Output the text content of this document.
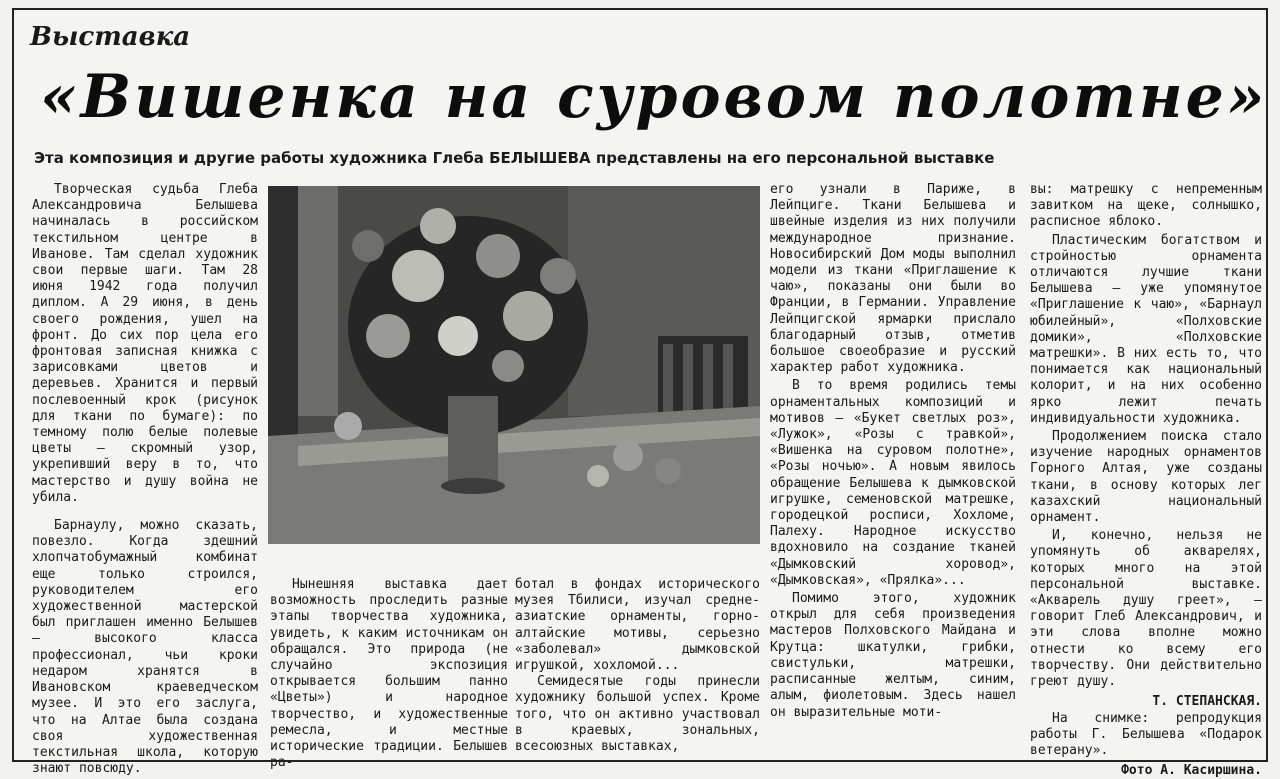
Выставка
«Вишенка на суровом полотне»
Эта композиция и другие работы художника Глеба БЕЛЫШЕВА представлены на его персональной выставке

Творческая судьба Глеба Александровича Белышева начиналась в российском текстильном центре в Иванове. Там сделал художник свои первые шаги. Там 28 июня 1942 года получил диплом. А 29 июня, в день своего рождения, ушел на фронт. До сих пор цела его фронтовая записная книжка с зарисовками цветов и деревьев. Хранится и первый послевоенный крок (рисунок для ткани по бумаге): по темному полю белые полевые цветы — скромный узор, укрепивший веру в то, что мастерство и душу война не убила.

Барнаулу, можно сказать, повезло. Когда здешний хлопчатобумажный комбинат еще только строился, руководителем его художественной мастерской был приглашен именно Белышев — высокого класса профессионал, чьи кроки недаром хранятся в Ивановском краеведческом музее. И это его заслуга, что на Алтае была создана своя художественная текстильная школа, которую знают повсюду.

Нынешняя выставка дает возможность проследить разные этапы творчества художника, увидеть, к каким источникам он обращался. Это природа (не случайно экспозиция открывается большим панно «Цветы») и народное творчество, и художественные ремесла, и местные исторические традиции. Белышев ра-

ботал в фондах исторического музея Тбилиси, изучал среднеазиатские орнаменты, горноалтайские мотивы, серьезно «заболевал» дымковской игрушкой, хохломой...

Семидесятые годы принесли художнику большой успех. Кроме того, что он активно участвовал в краевых, зональных, всесоюзных выставках,

его узнали в Париже, в Лейпциге. Ткани Белышева и швейные изделия из них получили международное признание. Новосибирский Дом моды выполнил модели из ткани «Приглашение к чаю», показаны они были во Франции, в Германии. Управление Лейпцигской ярмарки прислало благодарный отзыв, отметив большое своеобразие и русский характер работ художника.

В то время родились темы орнаментальных композиций и мотивов — «Букет светлых роз», «Лужок», «Розы с травкой», «Вишенка на суровом полотне», «Розы ночью». А новым явилось обращение Белышева к дымковской игрушке, семеновской матрешке, городецкой росписи, Хохломе, Палеху. Народное искусство вдохновило на создание тканей «Дымковский хоровод», «Дымковская», «Прялка»...

Помимо этого, художник открыл для себя произведения мастеров Полховского Майдана и Крутца: шкатулки, грибки, свистульки, матрешки, расписанные желтым, синим, алым, фиолетовым. Здесь нашел он выразительные моти-

вы: матрешку с непременным завитком на щеке, солнышко, расписное яблоко.

Пластическим богатством и стройностью орнамента отличаются лучшие ткани Белышева — уже упомянутое «Приглашение к чаю», «Барнаул юбилейный», «Полховские домики», «Полховские матрешки». В них есть то, что понимается как национальный колорит, и на них особенно ярко лежит печать индивидуальности художника.

Продолжением поиска стало изучение народных орнаментов Горного Алтая, уже созданы ткани, в основу которых лег казахский национальный орнамент.

И, конечно, нельзя не упомянуть об акварелях, которых много на этой персональной выставке. «Акварель душу греет», — говорит Глеб Александрович, и эти слова вполне можно отнести ко всему его творчеству. Они действительно греют душу.

Т. СТЕПАНСКАЯ.

На снимке: репродукция работы Г. Белышева «Подарок ветерану».

Фото А. Касиршина.
